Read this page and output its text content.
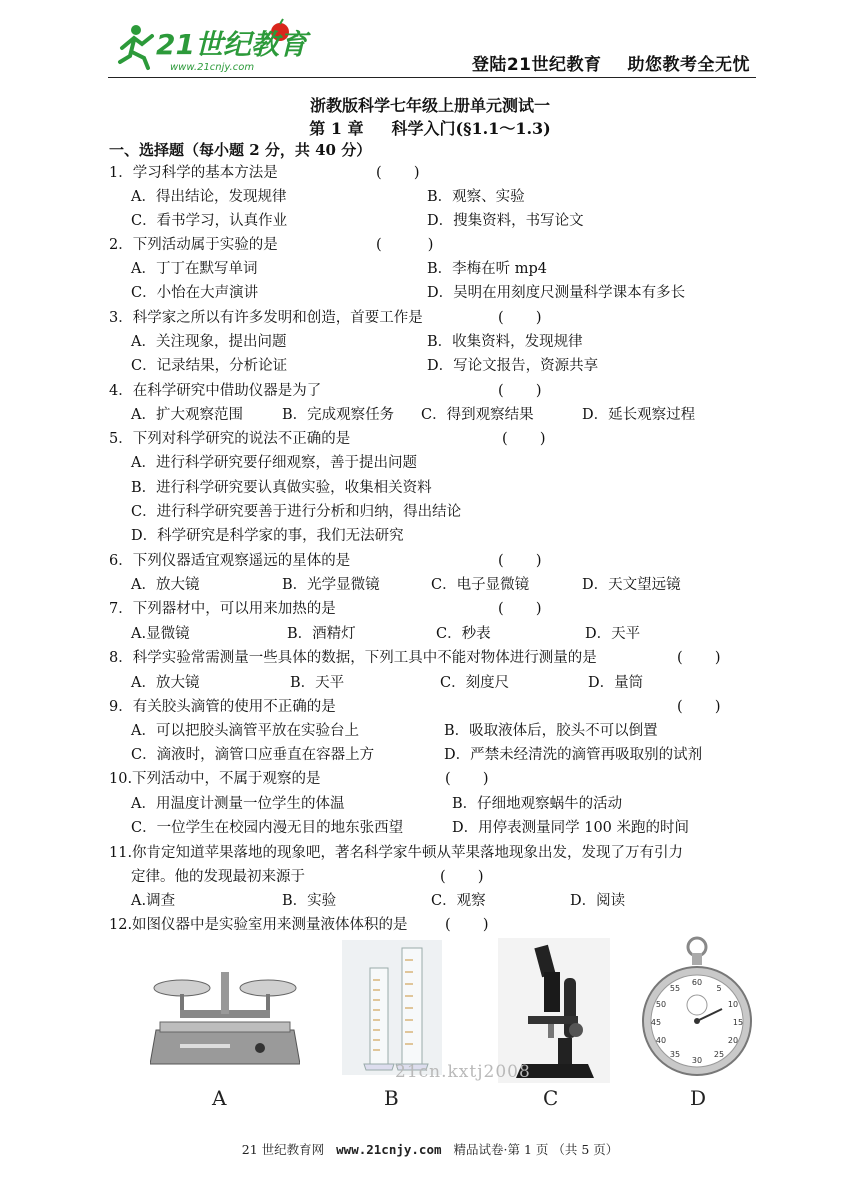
21世纪教育
www.21cnjy.com	登陆21世纪教育 助您教考全无忧
浙教版科学七年级上册单元测试一
第 1 章 科学入门(§1.1～1.3)
一、选择题（每小题 2 分，共 40 分）
1．学习科学的基本方法是	(       )
A．得出结论，发现规律	B．观察、实验
C．看书学习，认真作业	D．搜集资料，书写论文
2．下列活动属于实验的是	(          )
A．丁丁在默写单词	B．李梅在听 mp4
C．小怡在大声演讲	D．吴明在用刻度尺测量科学课本有多长
3．科学家之所以有许多发明和创造，首要工作是	(       )
A．关注现象，提出问题	B．收集资料，发现规律
C．记录结果，分析论证	D．写论文报告，资源共享
4．在科学研究中借助仪器是为了	(       )
A．扩大观察范围	B．完成观察任务 C．得到观察结果	D．延长观察过程
5．下列对科学研究的说法不正确的是	(       )
A．进行科学研究要仔细观察，善于提出问题
B．进行科学研究要认真做实验，收集相关资料
C．进行科学研究要善于进行分析和归纳，得出结论
D．科学研究是科学家的事，我们无法研究
6．下列仪器适宜观察遥远的星体的是	(       )
A．放大镜	B．光学显微镜	C．电子显微镜	D．天文望远镜
7．下列器材中，可以用来加热的是	(       )
A.显微镜	B．酒精灯	C．秒表	D．天平
8．科学实验常需测量一些具体的数据，下列工具中不能对物体进行测量的是	(       )
A．放大镜	B．天平	C．刻度尺	D．量筒
9．有关胶头滴管的使用不正确的是	(       )
A．可以把胶头滴管平放在实验台上	B．吸取液体后，胶头不可以倒置
C．滴液时，滴管口应垂直在容器上方	D．严禁未经清洗的滴管再吸取别的试剂
10.下列活动中，不属于观察的是	(       )
A．用温度计测量一位学生的体温	B．仔细地观察蜗牛的活动
C．一位学生在校园内漫无目的地东张西望	D．用停表测量同学 100 米跑的时间
11.你肯定知道苹果落地的现象吧，著名科学家牛顿从苹果落地现象出发，发现了万有引力
定律。他的发现最初来源于	(       )
A.调查	B．实验	C．观察	D．阅读
12.如图仪器中是实验室用来测量液体体积的是	(       )
60
5
10
15
20
25
30
35
40
45
50
55
A	B	C	D
21cn.kxtj2008
21 世纪教育网 www.21cnjy.com 精品试卷·第 1 页 （共 5 页）
